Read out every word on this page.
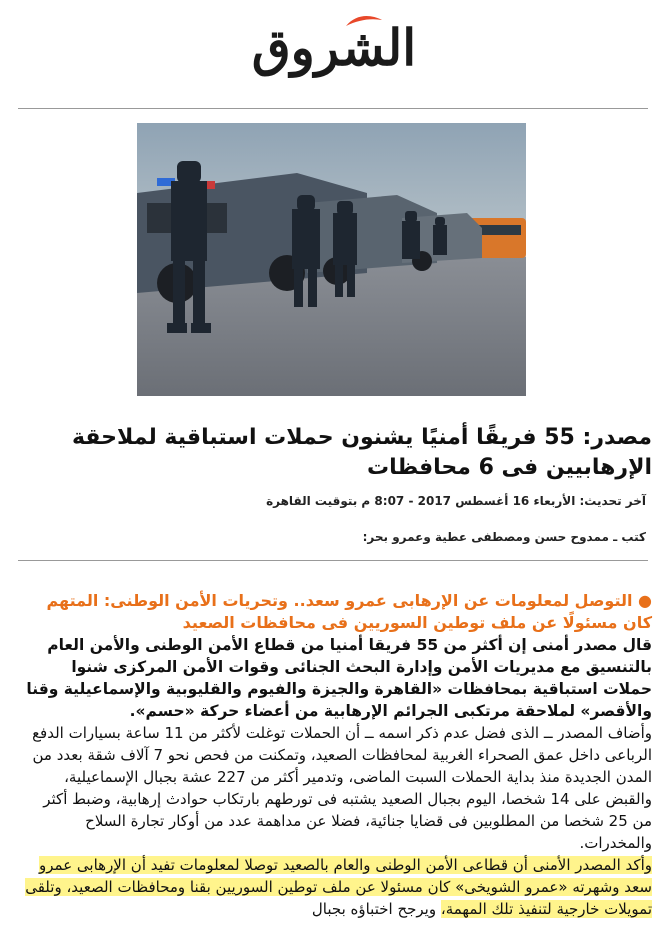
الشروق
مصدر: 55 فريقًا أمنيًا يشنون حملات استباقية لملاحقة الإرهابيين فى 6 محافظات
آخر تحديث: الأربعاء 16 أغسطس 2017 - 8:07 م بتوقيت القاهرة
كتب ـ ممدوح حسن ومصطفى عطية وعمرو بحر:

● التوصل لمعلومات عن الإرهابى عمرو سعد.. وتحريات الأمن الوطنى: المتهم كان مسئولًا عن ملف توطين السوريين فى محافظات الصعيد

قال مصدر أمنى إن أكثر من 55 فريقا أمنيا من قطاع الأمن الوطنى والأمن العام بالتنسيق مع مديريات الأمن وإدارة البحث الجنائى وقوات الأمن المركزى شنوا حملات استباقية بمحافظات «القاهرة والجيزة والفيوم والقليوبية والإسماعيلية وقنا والأقصر» لملاحقة مرتكبى الجرائم الإرهابية من أعضاء حركة «حسم».

وأضاف المصدر ــ الذى فضل عدم ذكر اسمه ــ أن الحملات توغلت لأكثر من 11 ساعة بسيارات الدفع الرباعى داخل عمق الصحراء الغربية لمحافظات الصعيد، وتمكنت من فحص نحو 7 آلاف شقة بعدد من المدن الجديدة منذ بداية الحملات السبت الماضى، وتدمير أكثر من 227 عشة بجبال الإسماعيلية، والقبض على 14 شخصا، اليوم بجبال الصعيد يشتبه فى تورطهم بارتكاب حوادث إرهابية، وضبط أكثر من 25 شخصا من المطلوبين فى قضايا جنائية، فضلا عن مداهمة عدد من أوكار تجارة السلاح والمخدرات.

وأكد المصدر الأمنى أن قطاعى الأمن الوطنى والعام بالصعيد توصلا لمعلومات تفيد أن الإرهابى عمرو سعد وشهرته «عمرو الشويخى» كان مسئولا عن ملف توطين السوريين بقنا ومحافظات الصعيد، وتلقى تمويلات خارجية لتنفيذ تلك المهمة، ويرجح اختباؤه بجبال
